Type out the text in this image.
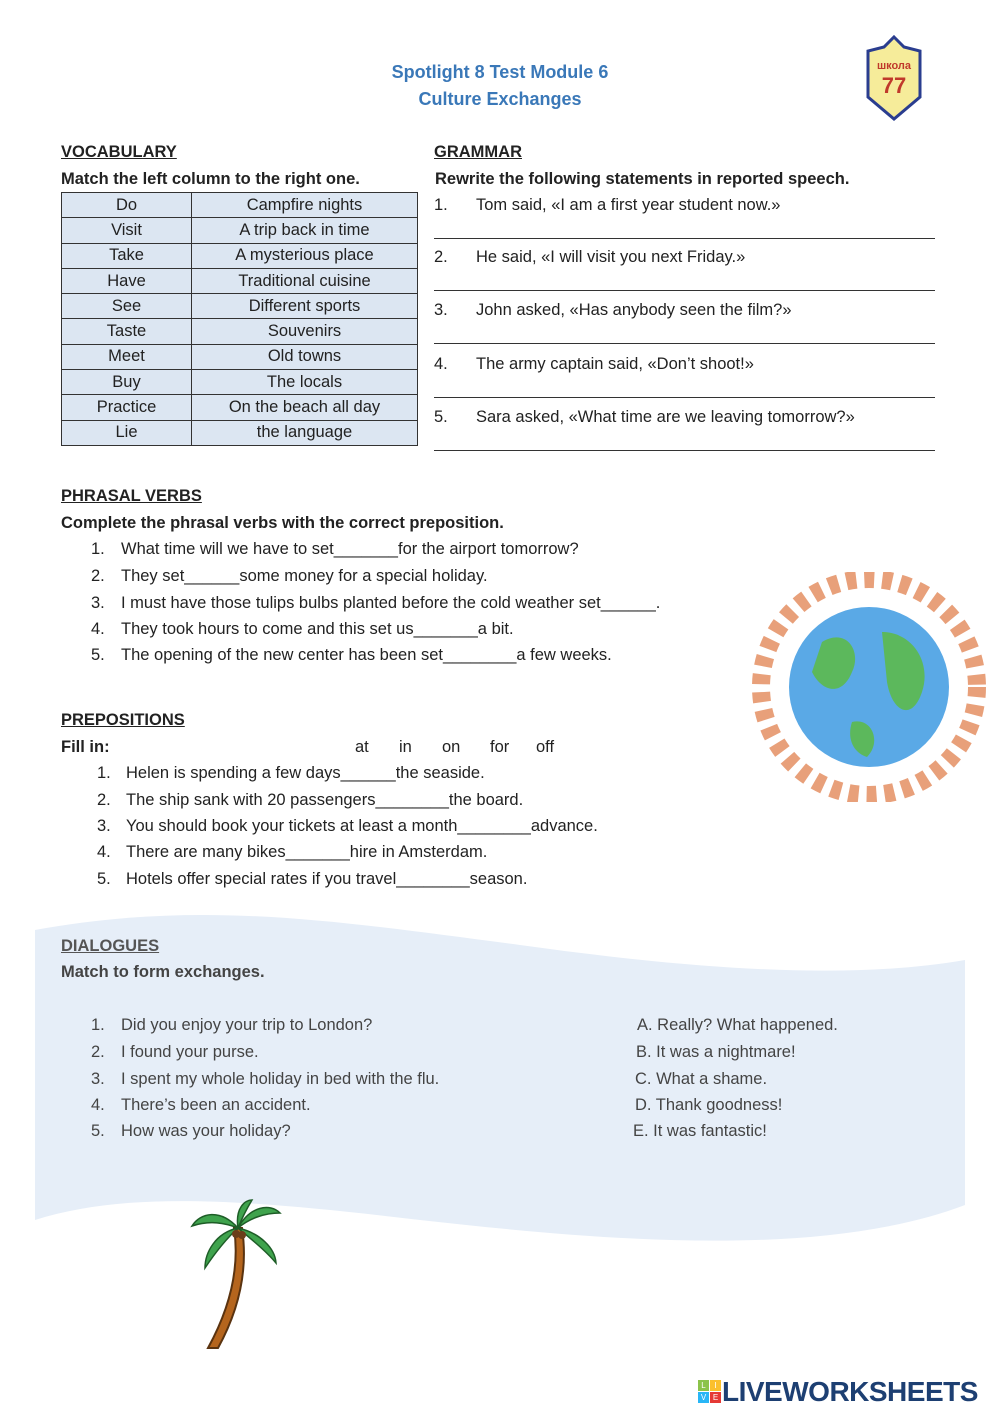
Spotlight 8 Test Module 6
Culture Exchanges
школа
77
VOCABULARY
Match the left column to the right one.
Do	Campfire nights
Visit	A trip back in time
Take	A mysterious place
Have	Traditional cuisine
See	Different sports
Taste	Souvenirs
Meet	Old towns
Buy	The locals
Practice	On the beach all day
Lie	the language
GRAMMAR
Rewrite the following statements in reported speech.
1. Tom said, «I am a first year student now.»
2. He said, «I will visit you next Friday.»
3. John asked, «Has anybody seen the film?»
4. The army captain said, «Don’t shoot!»
5. Sara asked, «What time are we leaving tomorrow?»
PHRASAL VERBS
Complete the phrasal verbs with the correct preposition.
1. What time will we have to set_______for the airport tomorrow?
2. They set______some money for a special holiday.
3. I must have those tulips bulbs planted before the cold weather set______.
4. They took hours to come and this set us_______a bit.
5. The opening of the new center has been set________a few weeks.
PREPOSITIONS
Fill in:	at in on for off
1. Helen is spending a few days______the seaside.
2. The ship sank with 20 passengers________the board.
3. You should book your tickets at least a month________advance.
4. There are many bikes_______hire in Amsterdam.
5. Hotels offer special rates if you travel________season.
DIALOGUES
Match to form exchanges.
1. Did you enjoy your trip to London?
2. I found your purse.
3. I spent my whole holiday in bed with the flu.
4. There’s been an accident.
5. How was your holiday?
A. Really? What happened.
B. It was a nightmare!
C. What a shame.
D. Thank goodness!
E. It was fantastic!
L	I
V E LIVEWORKSHEETS
